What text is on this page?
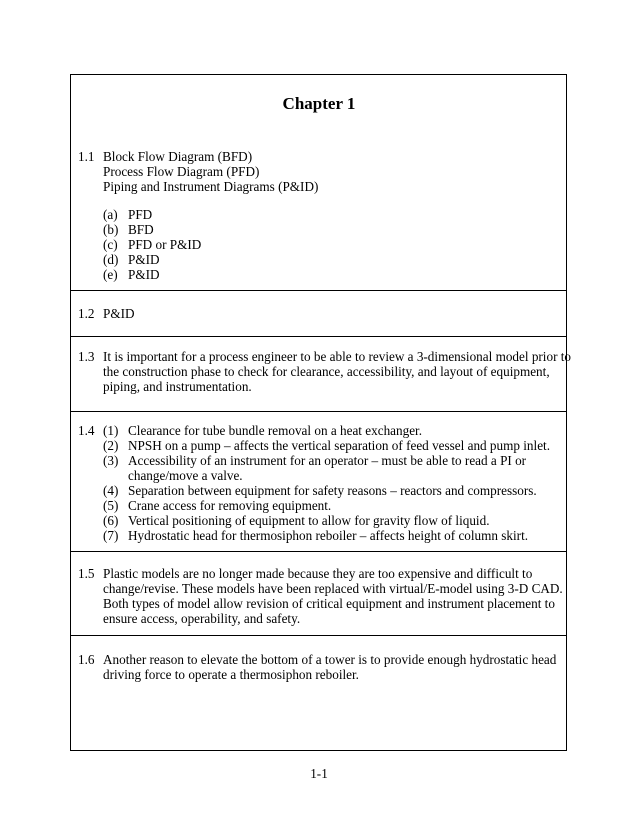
1.1 Block Flow Diagram (BFD)
Process Flow Diagram (PFD)
Piping and Instrument Diagrams (P&ID)
(a) PFD
(b) BFD
(c) PFD or P&ID
(d) P&ID
(e) P&ID
1.2 P&ID
1.3 It is important for a process engineer to be able to review a 3-dimensional model prior to
the construction phase to check for clearance, accessibility, and layout of equipment,
piping, and instrumentation.
1.4 (1) Clearance for tube bundle removal on a heat exchanger.
(2) NPSH on a pump – affects the vertical separation of feed vessel and pump inlet.
(3) Accessibility of an instrument for an operator – must be able to read a PI or
change/move a valve.
(4) Separation between equipment for safety reasons – reactors and compressors.
(5) Crane access for removing equipment.
(6) Vertical positioning of equipment to allow for gravity flow of liquid.
(7) Hydrostatic head for thermosiphon reboiler – affects height of column skirt.
1.5 Plastic models are no longer made because they are too expensive and difficult to
change/revise. These models have been replaced with virtual/E-model using 3-D CAD.
Both types of model allow revision of critical equipment and instrument placement to
ensure access, operability, and safety.
1.6 Another reason to elevate the bottom of a tower is to provide enough hydrostatic head
driving force to operate a thermosiphon reboiler.
Chapter 1
1-1
